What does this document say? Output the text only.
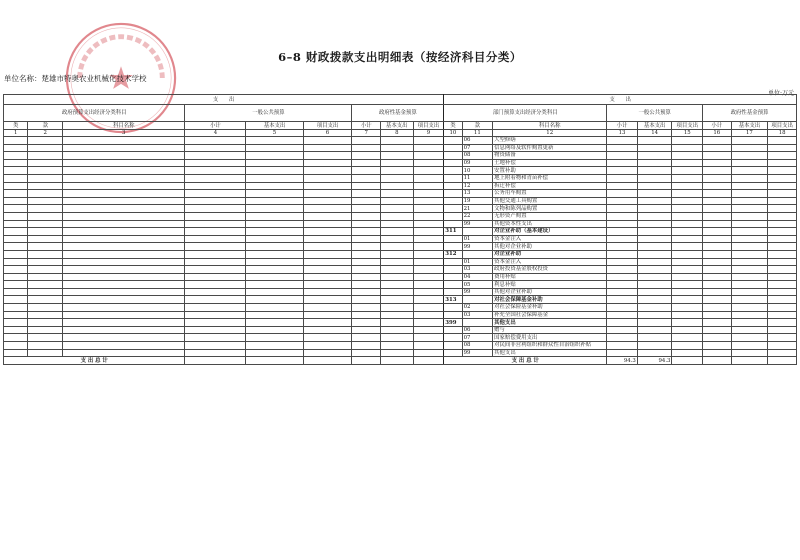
6–8 财政拨款支出明细表（按经济科目分类）
单位名称：楚雄市特奥农业机械化技术学校
单位:万元
支　　出									支　　出								
政府预算支出经济分类科目			一般公共预算			政府性基金预算			部门预算支出经济分类科目			一般公共预算			政府性基金预算		
类	款	科目名称	小计	基本支出	项目支出	小计	基本支出	项目支出	类	款	科目名称	小计	基本支出	项目支出	小计	基本支出	项目支出
1	2	3	4	5	6	7	8	9	10	11	12	13	14	15	16	17	18
										06	大型修缮						
										07	信息网络及软件购置更新						
										08	物资储备						
										09	土地补偿						
										10	安置补助						
										11	地上附着物和青苗补偿						
										12	拆迁补偿						
										13	公务用车购置						
										19	其他交通工具购置						
										21	文物和陈列品购置						
										22	无形资产购置						
										99	其他资本性支出						
									311		对企业补助（基本建设）						
										01	资本金注入						
										99	其他对企业补助						
									312		对企业补助						
										01	资本金注入						
										03	政府投资基金股权投资						
										04	费用补贴						
										05	利息补贴						
										99	其他对企业补助						
									313		对社会保障基金补助						
										02	对社会保险基金补助						
										03	补充全国社会保障基金						
									399		其他支出						
										06	赠与						
										07	国家赔偿费用支出						
										08	对民间非营利组织和群众性自治组织补贴						
										99	其他支出						
支 出 总 计									支 出 总 计			94.3	94.3				
